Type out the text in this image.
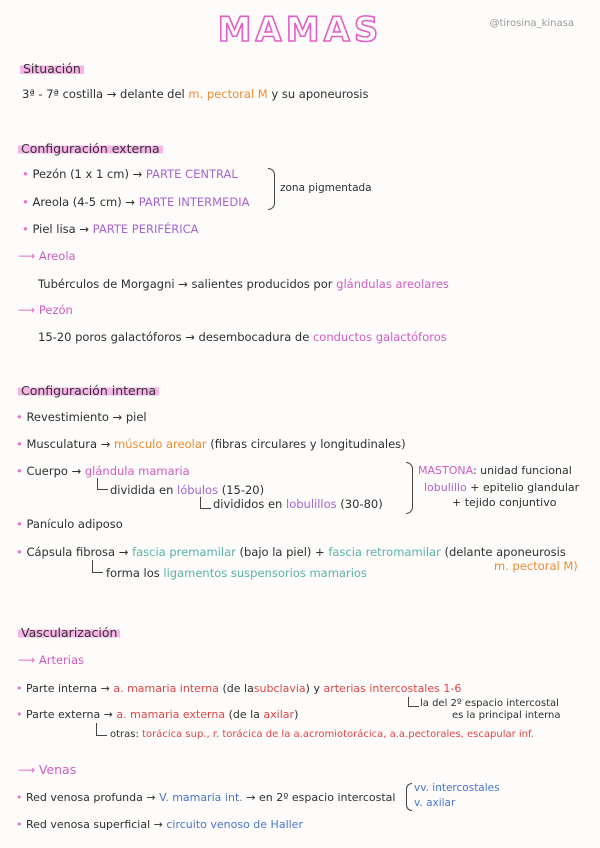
MAMAS	@tirosina_kinasa
Situación
3ª - 7ª costilla → delante del m. pectoral M y su aponeurosis
Configuración externa
• Pezón (1 x 1 cm) → PARTE CENTRAL
• Areola (4-5 cm) → PARTE INTERMEDIA
zona pigmentada
• Piel lisa → PARTE PERIFÉRICA
⟶ Areola
Tubérculos de Morgagni → salientes producidos por glándulas areolares
⟶ Pezón
15-20 poros galactóforos → desembocadura de conductos galactóforos
Configuración interna
• Revestimiento → piel
• Musculatura → músculo areolar (fibras circulares y longitudinales)
• Cuerpo → glándula mamaria
dividida en lóbulos (15-20)
divididos en lobulillos (30-80)
MASTONA: unidad funcional
lobulillo + epitelio glandular
+ tejido conjuntivo
• Panículo adiposo
• Cápsula fibrosa → fascia premamilar (bajo la piel) + fascia retromamilar (delante aponeurosis
m. pectoral M)
forma los ligamentos suspensorios mamarios
Vascularización
⟶ Arterias
• Parte interna → a. mamaria interna (de lasubclavia) y arterias intercostales 1-6
la del 2º espacio intercostal
es la principal interna
• Parte externa → a. mamaria externa (de la axilar)
otras: torácica sup., r. torácica de la a.acromiotorácica, a.a.pectorales, escapular inf.
⟶ Venas
• Red venosa profunda → V. mamaria int. → en 2º espacio intercostal
vv. intercostales
v. axilar
• Red venosa superficial → circuito venoso de Haller
